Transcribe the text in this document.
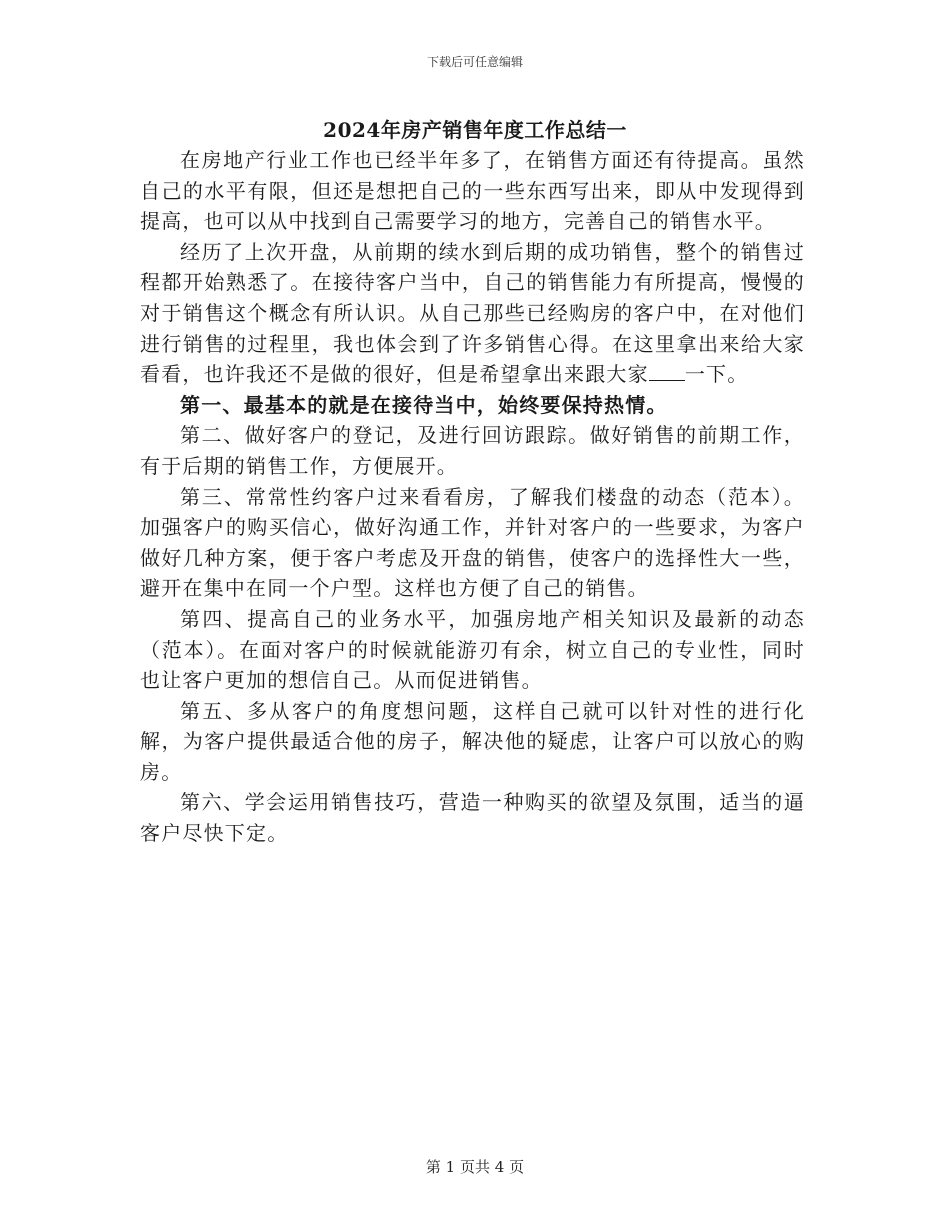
下载后可任意编辑
2024年房产销售年度工作总结一

在房地产行业工作也已经半年多了，在销售方面还有待提高。虽然自己的水平有限，但还是想把自己的一些东西写出来，即从中发现得到提高，也可以从中找到自己需要学习的地方，完善自己的销售水平。

经历了上次开盘，从前期的续水到后期的成功销售，整个的销售过程都开始熟悉了。在接待客户当中，自己的销售能力有所提高，慢慢的对于销售这个概念有所认识。从自己那些已经购房的客户中，在对他们进行销售的过程里，我也体会到了许多销售心得。在这里拿出来给大家看看，也许我还不是做的很好，但是希望拿出来跟大家 一下。

第一、最基本的就是在接待当中，始终要保持热情。

第二、做好客户的登记，及进行回访跟踪。做好销售的前期工作，有于后期的销售工作，方便展开。

第三、常常性约客户过来看看房，了解我们楼盘的动态（范本）。加强客户的购买信心，做好沟通工作，并针对客户的一些要求，为客户做好几种方案，便于客户考虑及开盘的销售，使客户的选择性大一些，避开在集中在同一个户型。这样也方便了自己的销售。

第四、提高自己的业务水平，加强房地产相关知识及最新的动态（范本）。在面对客户的时候就能游刃有余，树立自己的专业性，同时也让客户更加的想信自己。从而促进销售。

第五、多从客户的角度想问题，这样自己就可以针对性的进行化解，为客户提供最适合他的房子，解决他的疑虑，让客户可以放心的购房。

第六、学会运用销售技巧，营造一种购买的欲望及氛围，适当的逼客户尽快下定。

第 1 页共 4 页
